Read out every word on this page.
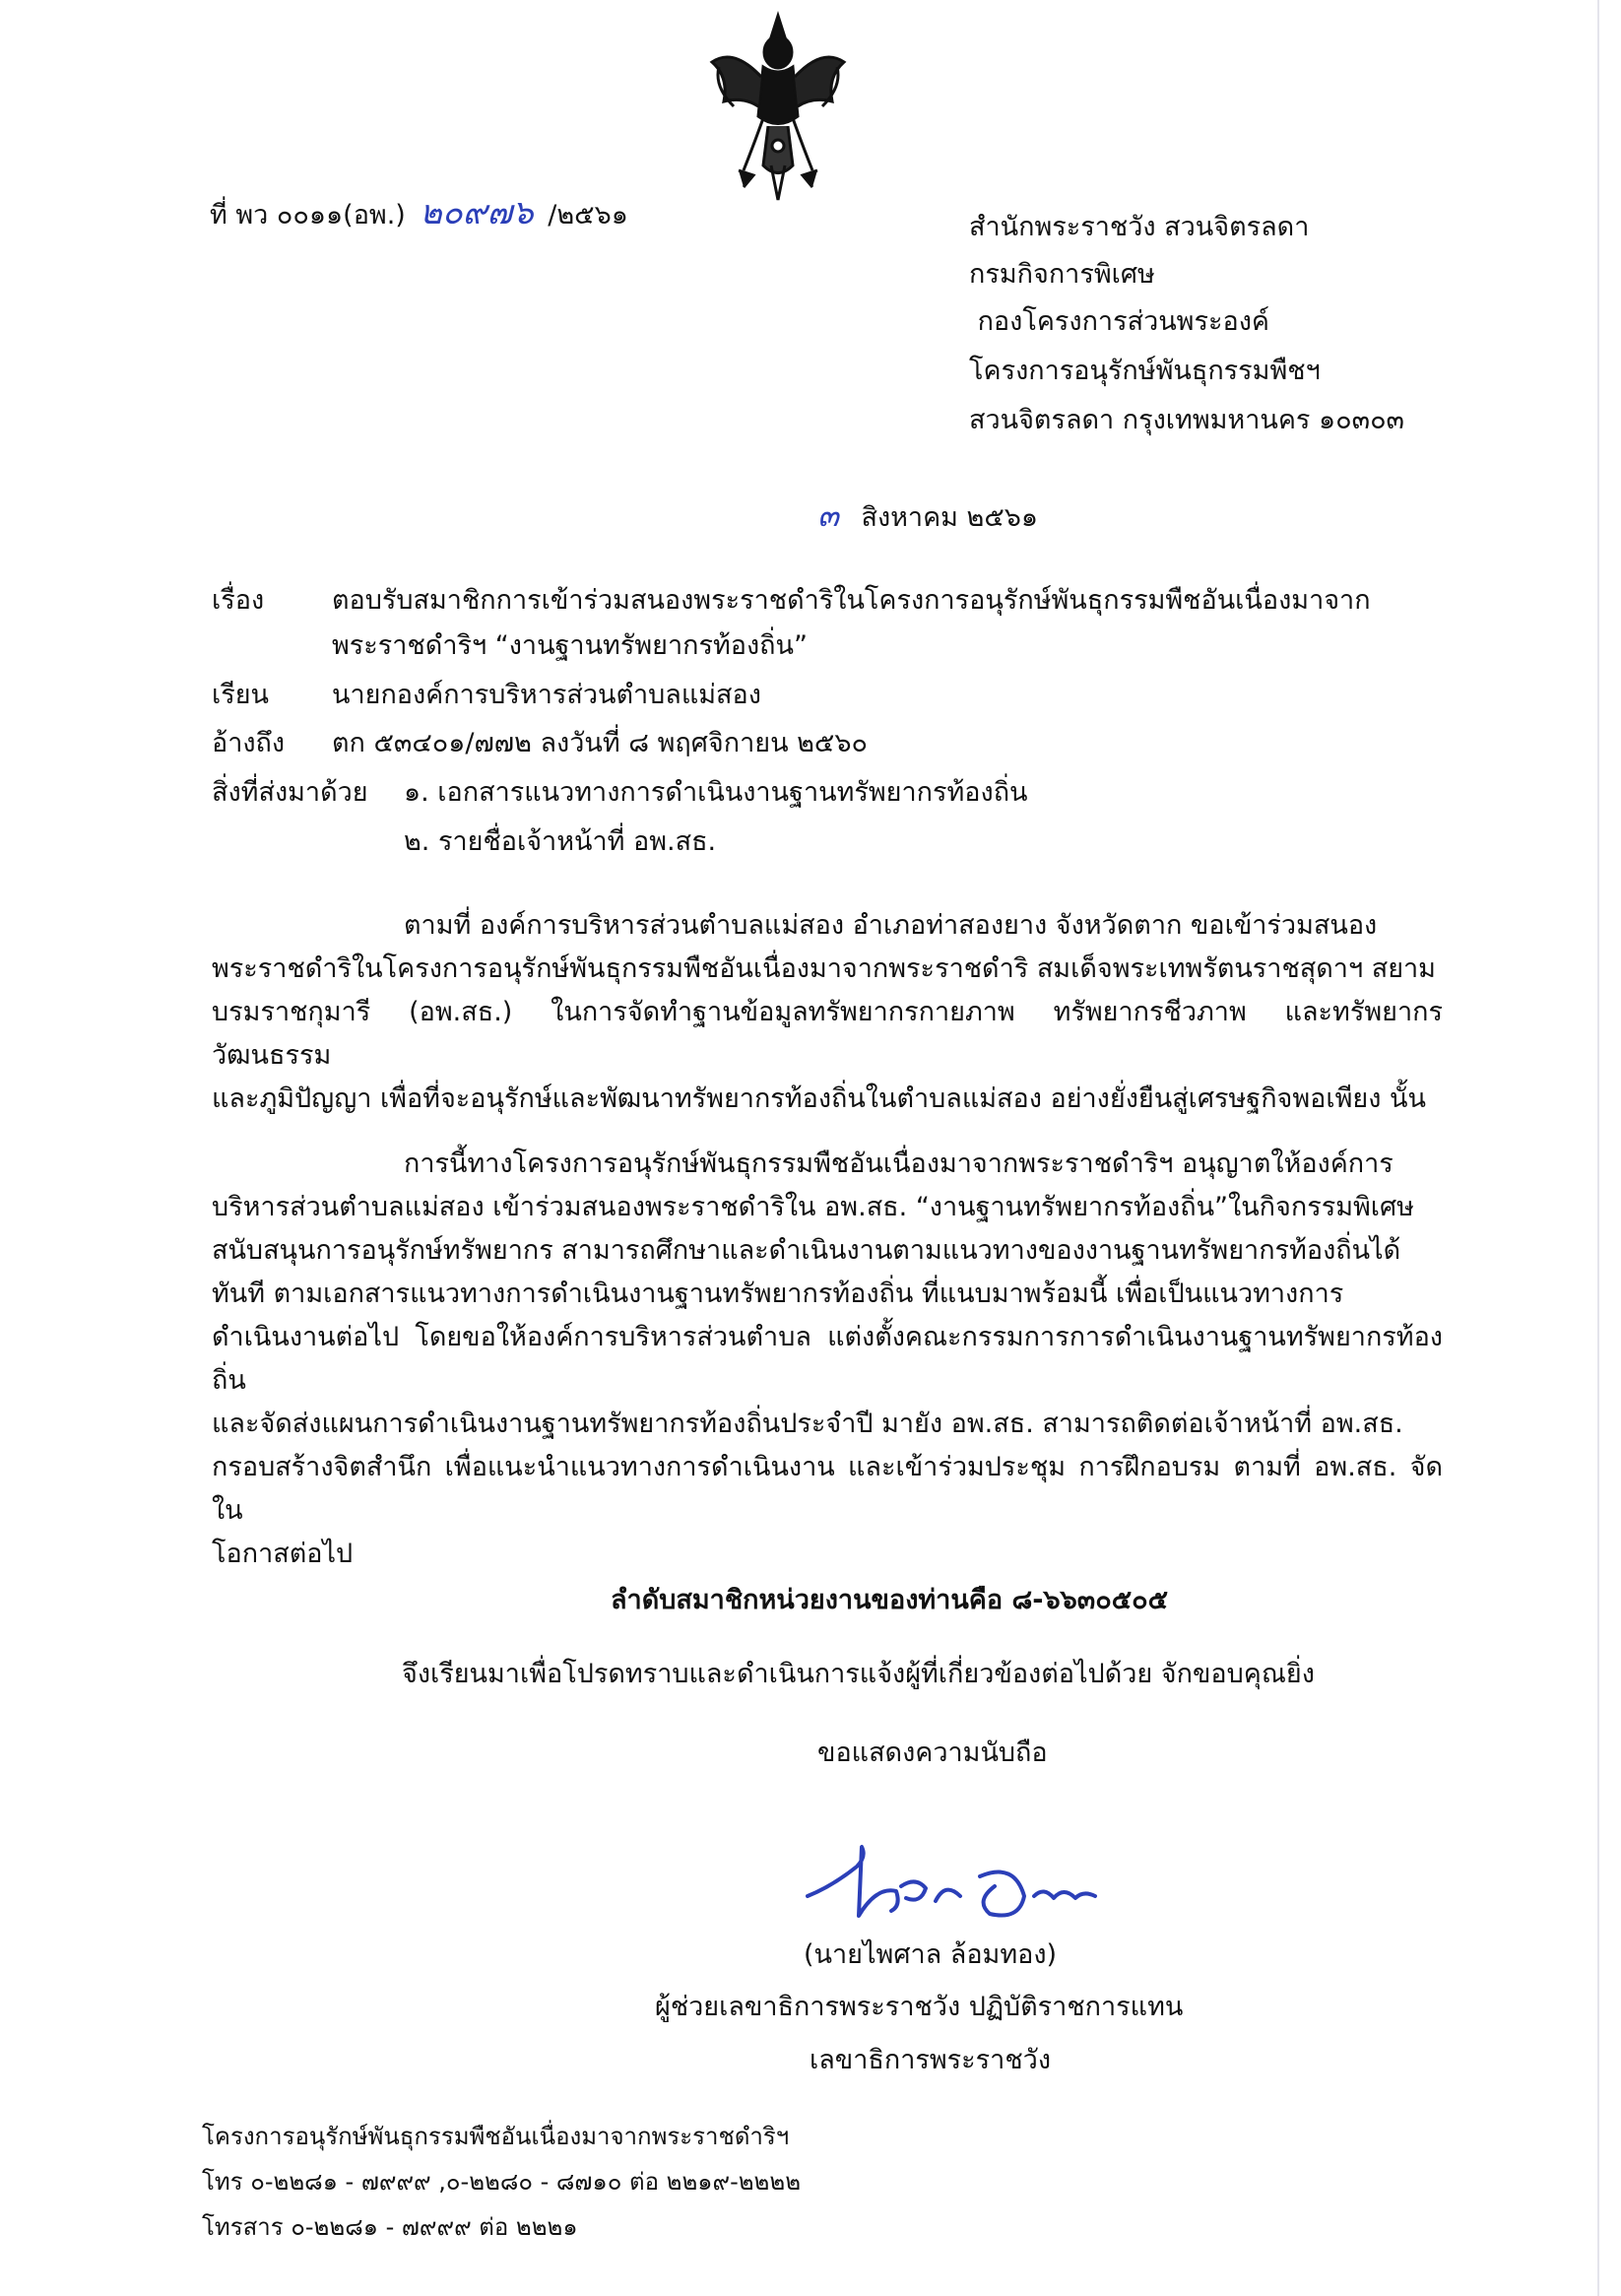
ที่ พว ๐๐๑๑(อพ.) ๒๐๙๗๖ /๒๕๖๑	สำนักพระราชวัง สวนจิตรลดา
กรมกิจการพิเศษ
กองโครงการส่วนพระองค์
โครงการอนุรักษ์พันธุกรรมพืชฯ
สวนจิตรลดา กรุงเทพมหานคร ๑๐๓๐๓
๓ สิงหาคม ๒๕๖๑
เรื่อง	ตอบรับสมาชิกการเข้าร่วมสนองพระราชดำริในโครงการอนุรักษ์พันธุกรรมพืชอันเนื่องมาจาก
พระราชดำริฯ “งานฐานทรัพยากรท้องถิ่น”
เรียน นายกองค์การบริหารส่วนตำบลแม่สอง
อ้างถึง ตก ๕๓๔๐๑/๗๗๒ ลงวันที่ ๘ พฤศจิกายน ๒๕๖๐
สิ่งที่ส่งมาด้วย ๑. เอกสารแนวทางการดำเนินงานฐานทรัพยากรท้องถิ่น
๒. รายชื่อเจ้าหน้าที่ อพ.สธ.
ตามที่ องค์การบริหารส่วนตำบลแม่สอง อำเภอท่าสองยาง จังหวัดตาก ขอเข้าร่วมสนอง
พระราชดำริในโครงการอนุรักษ์พันธุกรรมพืชอันเนื่องมาจากพระราชดำริ สมเด็จพระเทพรัตนราชสุดาฯ สยาม
บรมราชกุมารี (อพ.สธ.) ในการจัดทำฐานข้อมูลทรัพยากรกายภาพ ทรัพยากรชีวภาพ และทรัพยากรวัฒนธรรม
และภูมิปัญญา เพื่อที่จะอนุรักษ์และพัฒนาทรัพยากรท้องถิ่นในตำบลแม่สอง อย่างยั่งยืนสู่เศรษฐกิจพอเพียง นั้น
การนี้ทางโครงการอนุรักษ์พันธุกรรมพืชอันเนื่องมาจากพระราชดำริฯ อนุญาตให้องค์การ
บริหารส่วนตำบลแม่สอง เข้าร่วมสนองพระราชดำริใน อพ.สธ. “งานฐานทรัพยากรท้องถิ่น”ในกิจกรรมพิเศษ
สนับสนุนการอนุรักษ์ทรัพยากร สามารถศึกษาและดำเนินงานตามแนวทางของงานฐานทรัพยากรท้องถิ่นได้
ทันที ตามเอกสารแนวทางการดำเนินงานฐานทรัพยากรท้องถิ่น ที่แนบมาพร้อมนี้ เพื่อเป็นแนวทางการ
ดำเนินงานต่อไป โดยขอให้องค์การบริหารส่วนตำบล แต่งตั้งคณะกรรมการการดำเนินงานฐานทรัพยากรท้องถิ่น
และจัดส่งแผนการดำเนินงานฐานทรัพยากรท้องถิ่นประจำปี มายัง อพ.สธ. สามารถติดต่อเจ้าหน้าที่ อพ.สธ.
กรอบสร้างจิตสำนึก เพื่อแนะนำแนวทางการดำเนินงาน และเข้าร่วมประชุม การฝึกอบรม ตามที่ อพ.สธ. จัดใน
โอกาสต่อไป
ลำดับสมาชิกหน่วยงานของท่านคือ ๘-๖๖๓๐๕๐๕
จึงเรียนมาเพื่อโปรดทราบและดำเนินการแจ้งผู้ที่เกี่ยวข้องต่อไปด้วย จักขอบคุณยิ่ง
ขอแสดงความนับถือ
(นายไพศาล ล้อมทอง)
ผู้ช่วยเลขาธิการพระราชวัง ปฏิบัติราชการแทน
เลขาธิการพระราชวัง
โครงการอนุรักษ์พันธุกรรมพืชอันเนื่องมาจากพระราชดำริฯ
โทร ๐-๒๒๘๑ - ๗๙๙๙ ,๐-๒๒๘๐ - ๘๗๑๐ ต่อ ๒๒๑๙-๒๒๒๒
โทรสาร ๐-๒๒๘๑ - ๗๙๙๙ ต่อ ๒๒๒๑
